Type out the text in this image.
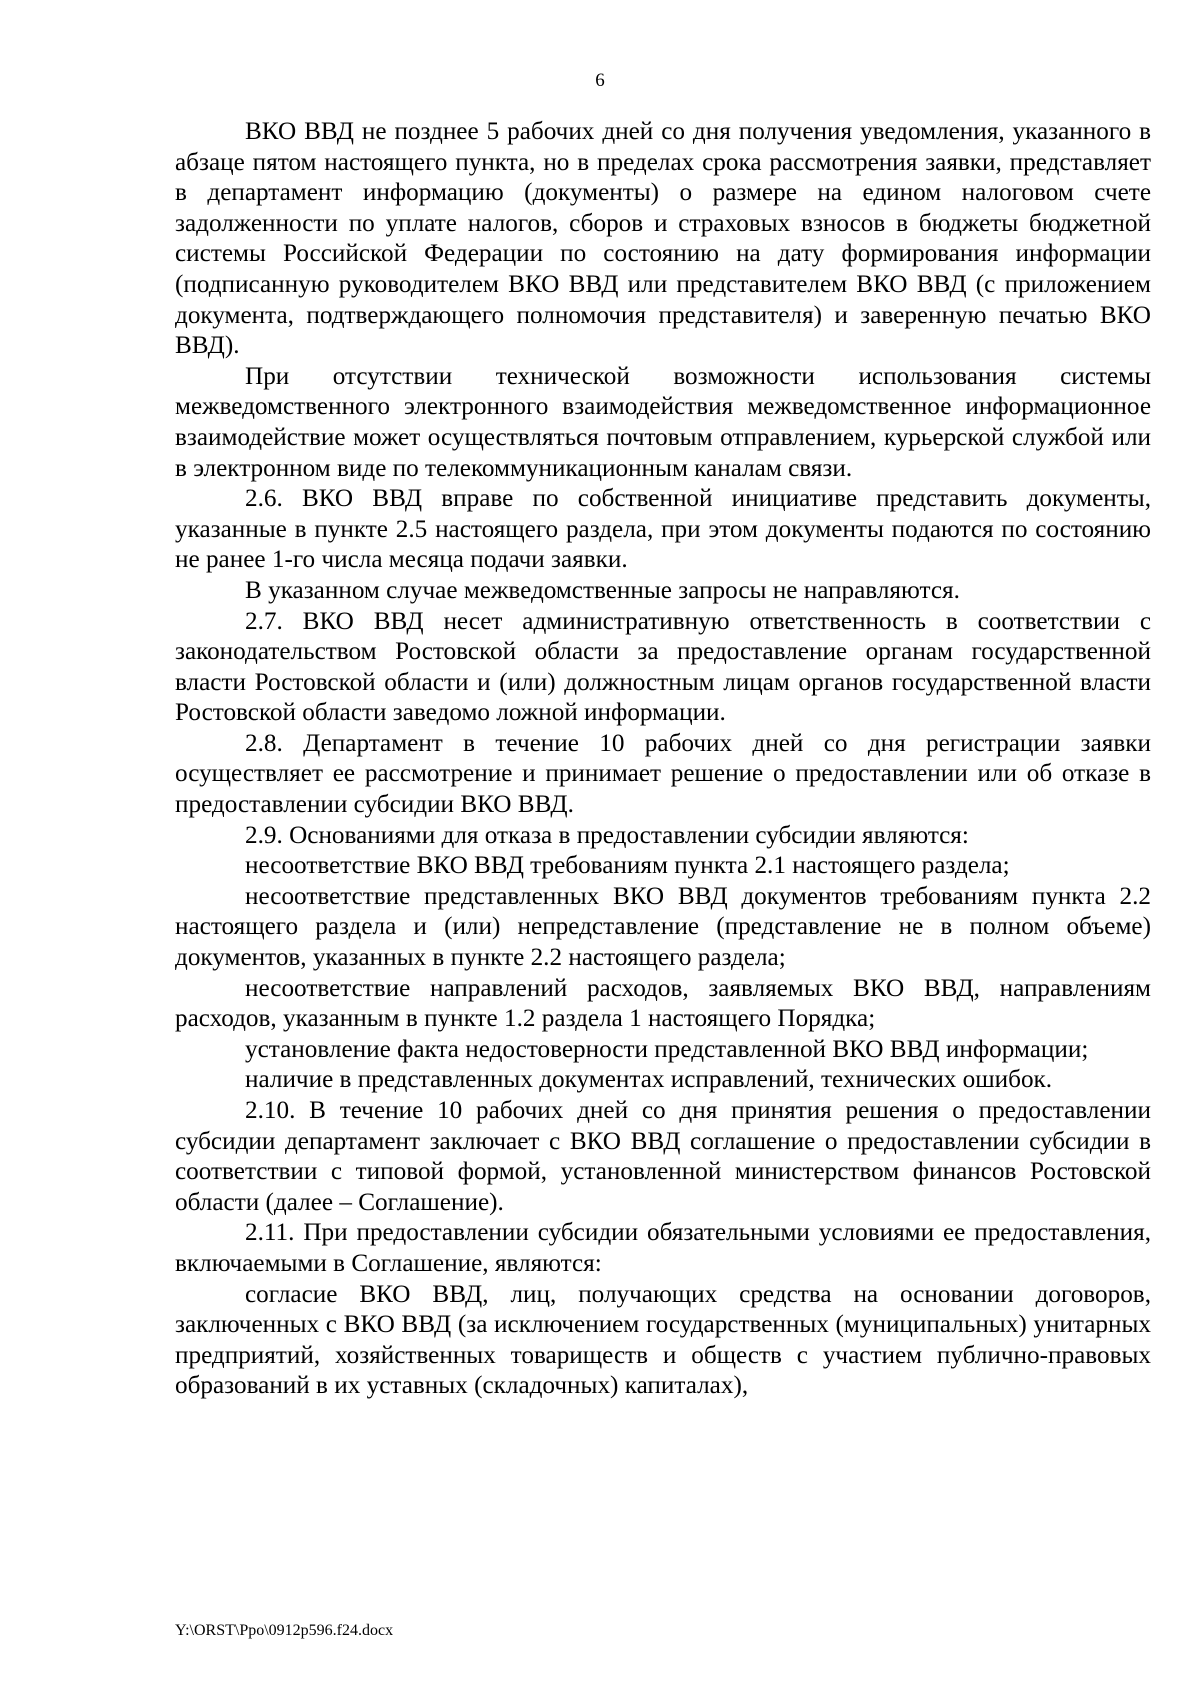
6

ВКО ВВД не позднее 5 рабочих дней со дня получения уведомления, указанного в абзаце пятом настоящего пункта, но в пределах срока рассмотрения заявки, представляет в департамент информацию (документы) о размере на едином налоговом счете задолженности по уплате налогов, сборов и страховых взносов в бюджеты бюджетной системы Российской Федерации по состоянию на дату формирования информации (подписанную руководителем ВКО ВВД или представителем ВКО ВВД (с приложением документа, подтверждающего полномочия представителя) и заверенную печатью ВКО ВВД).

При отсутствии технической возможности использования системы межведомственного электронного взаимодействия межведомственное информационное взаимодействие может осуществляться почтовым отправлением, курьерской службой или в электронном виде по телекоммуникационным каналам связи.

2.6. ВКО ВВД вправе по собственной инициативе представить документы, указанные в пункте 2.5 настоящего раздела, при этом документы подаются по состоянию не ранее 1-го числа месяца подачи заявки.

В указанном случае межведомственные запросы не направляются.

2.7. ВКО ВВД несет административную ответственность в соответствии с законодательством Ростовской области за предоставление органам государственной власти Ростовской области и (или) должностным лицам органов государственной власти Ростовской области заведомо ложной информации.

2.8. Департамент в течение 10 рабочих дней со дня регистрации заявки осуществляет ее рассмотрение и принимает решение о предоставлении или об отказе в предоставлении субсидии ВКО ВВД.

2.9. Основаниями для отказа в предоставлении субсидии являются:

несоответствие ВКО ВВД требованиям пункта 2.1 настоящего раздела;

несоответствие представленных ВКО ВВД документов требованиям пункта 2.2 настоящего раздела и (или) непредставление (представление не в полном объеме) документов, указанных в пункте 2.2 настоящего раздела;

несоответствие направлений расходов, заявляемых ВКО ВВД, направлениям расходов, указанным в пункте 1.2 раздела 1 настоящего Порядка;

установление факта недостоверности представленной ВКО ВВД информации;

наличие в представленных документах исправлений, технических ошибок.

2.10. В течение 10 рабочих дней со дня принятия решения о предоставлении субсидии департамент заключает с ВКО ВВД соглашение о предоставлении субсидии в соответствии с типовой формой, установленной министерством финансов Ростовской области (далее – Соглашение).

2.11. При предоставлении субсидии обязательными условиями ее предоставления, включаемыми в Соглашение, являются:

согласие ВКО ВВД, лиц, получающих средства на основании договоров, заключенных с ВКО ВВД (за исключением государственных (муниципальных) унитарных предприятий, хозяйственных товариществ и обществ с участием публично-правовых образований в их уставных (складочных) капиталах),

Y:\ORST\Ppo\0912p596.f24.docx
